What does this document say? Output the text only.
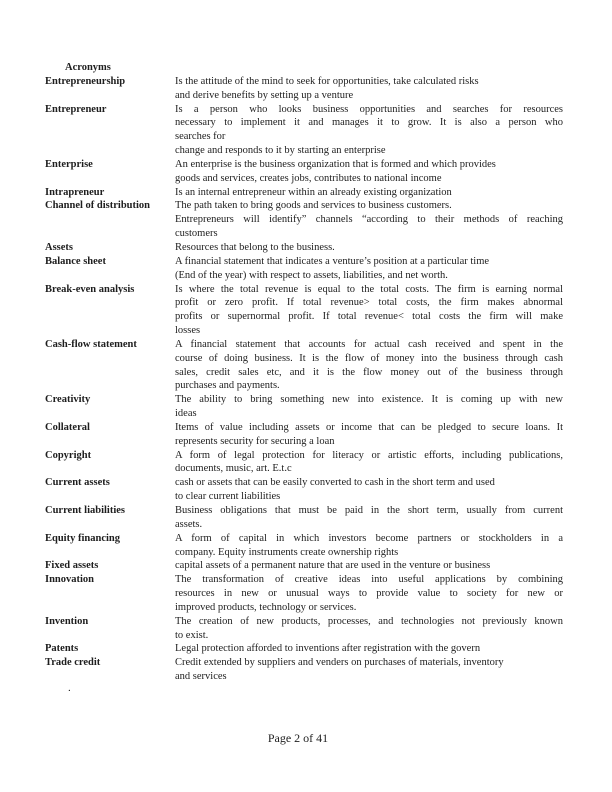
Acronyms
Entrepreneurship	Is the attitude of the mind to seek for opportunities, take calculated risks
and derive benefits by setting up a venture
Entrepreneur	Is a person who looks business opportunities and searches for resources
necessary to implement it and manages it to grow. It is also a person who
searches for
change and responds to it by starting an enterprise
Enterprise	An enterprise is the business organization that is formed and which provides
goods and services, creates jobs, contributes to national income
Intrapreneur	Is an internal entrepreneur within an already existing organization
Channel of distribution	The path taken to bring goods and services to business customers.
Entrepreneurs will identify” channels “according to their methods of reaching
customers
Assets	Resources that belong to the business.
Balance sheet	A financial statement that indicates a venture’s position at a particular time
(End of the year) with respect to assets, liabilities, and net worth.
Break-even analysis	Is where the total revenue is equal to the total costs. The firm is earning normal
profit or zero profit. If total revenue> total costs, the firm makes abnormal
profits or supernormal profit. If total revenue< total costs the firm will make
losses
Cash-flow statement	A financial statement that accounts for actual cash received and spent in the
course of doing business. It is the flow of money into the business through cash
sales, credit sales etc, and it is the flow money out of the business through
purchases and payments.
Creativity	The ability to bring something new into existence. It is coming up with new
ideas
Collateral	Items of value including assets or income that can be pledged to secure loans. It
represents security for securing a loan
Copyright	A form of legal protection for literacy or artistic efforts, including publications,
documents, music, art. E.t.c
Current assets	cash or assets that can be easily converted to cash in the short term and used
to clear current liabilities
Current liabilities	Business obligations that must be paid in the short term, usually from current
assets.
Equity financing	A form of capital in which investors become partners or stockholders in a
company. Equity instruments create ownership rights
Fixed assets	capital assets of a permanent nature that are used in the venture or business
Innovation	The transformation of creative ideas into useful applications by combining
resources in new or unusual ways to provide value to society for new or
improved products, technology or services.
Invention	The creation of new products, processes, and technologies not previously known
to exist.
Patents	Legal protection afforded to inventions after registration with the govern
Trade credit	Credit extended by suppliers and venders on purchases of materials, inventory
and services
.
Page 2 of 41
